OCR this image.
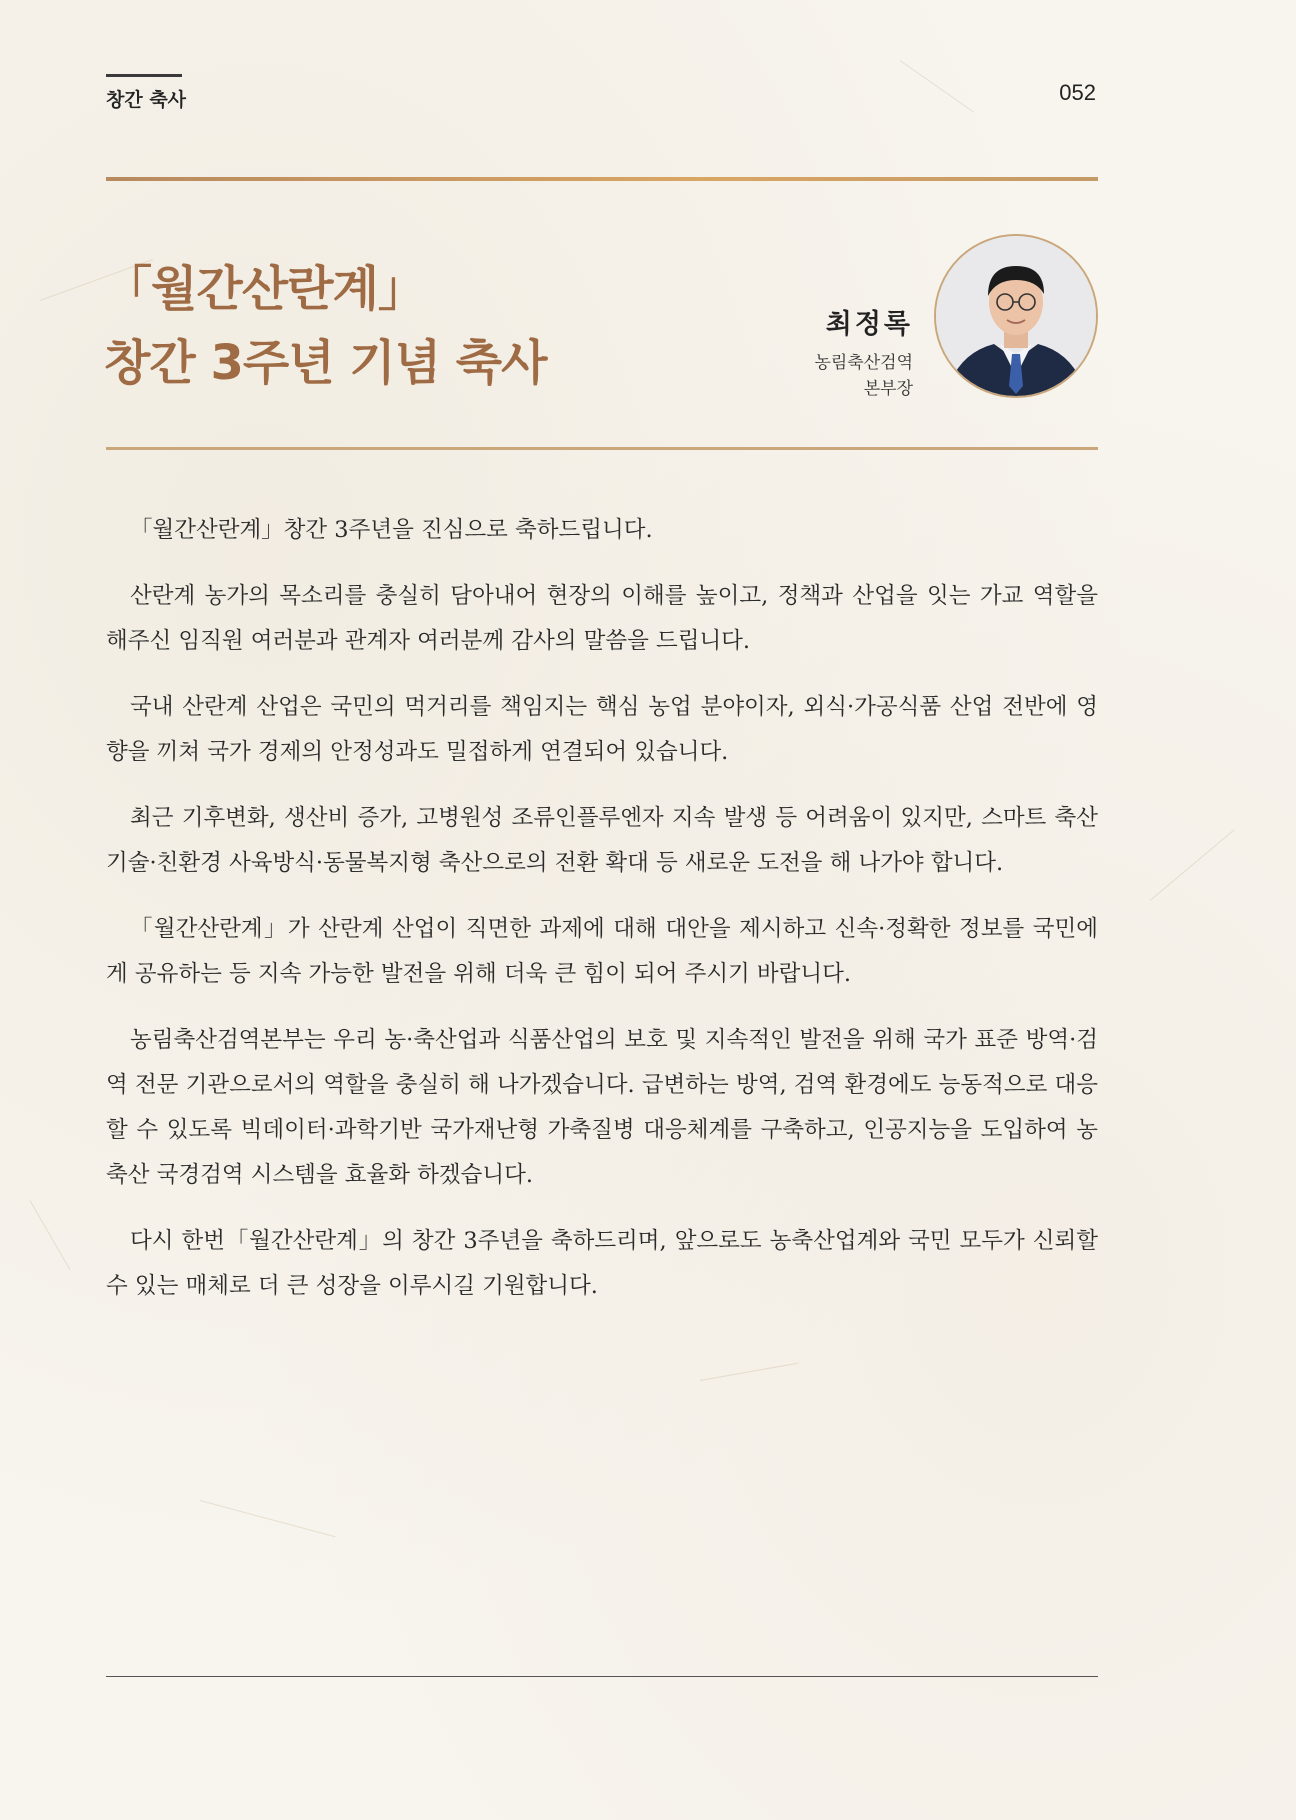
창간 축사	052
「월간산란계」
창간 3주년 기념 축사
최정록
농림축산검역
본부장

「월간산란계」창간 3주년을 진심으로 축하드립니다.

산란계 농가의 목소리를 충실히 담아내어 현장의 이해를 높이고, 정책과 산업을 잇는 가교 역할을 해주신 임직원 여러분과 관계자 여러분께 감사의 말씀을 드립니다.

국내 산란계 산업은 국민의 먹거리를 책임지는 핵심 농업 분야이자, 외식·가공식품 산업 전반에 영향을 끼쳐 국가 경제의 안정성과도 밀접하게 연결되어 있습니다.

최근 기후변화, 생산비 증가, 고병원성 조류인플루엔자 지속 발생 등 어려움이 있지만, 스마트 축산 기술·친환경 사육방식·동물복지형 축산으로의 전환 확대 등 새로운 도전을 해 나가야 합니다.

「월간산란계」가 산란계 산업이 직면한 과제에 대해 대안을 제시하고 신속·정확한 정보를 국민에게 공유하는 등 지속 가능한 발전을 위해 더욱 큰 힘이 되어 주시기 바랍니다.

농림축산검역본부는 우리 농·축산업과 식품산업의 보호 및 지속적인 발전을 위해 국가 표준 방역·검역 전문 기관으로서의 역할을 충실히 해 나가겠습니다. 급변하는 방역, 검역 환경에도 능동적으로 대응할 수 있도록 빅데이터·과학기반 국가재난형 가축질병 대응체계를 구축하고, 인공지능을 도입하여 농축산 국경검역 시스템을 효율화 하겠습니다.

다시 한번「월간산란계」의 창간 3주년을 축하드리며, 앞으로도 농축산업계와 국민 모두가 신뢰할 수 있는 매체로 더 큰 성장을 이루시길 기원합니다.
